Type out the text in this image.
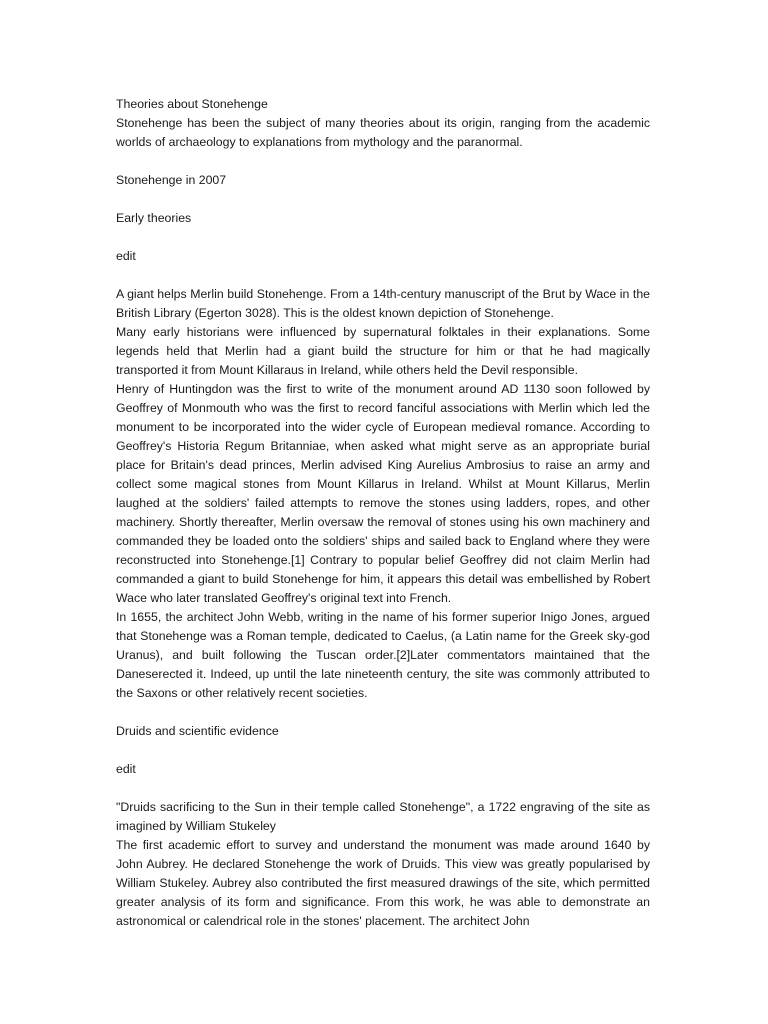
Theories about Stonehenge

Stonehenge has been the subject of many theories about its origin, ranging from the academic worlds of archaeology to explanations from mythology and the paranormal.

Stonehenge in 2007

Early theories

edit

A giant helps Merlin build Stonehenge. From a 14th-century manuscript of the Brut by Wace in the British Library (Egerton 3028). This is the oldest known depiction of Stonehenge.

Many early historians were influenced by supernatural folktales in their explanations. Some legends held that Merlin had a giant build the structure for him or that he had magically transported it from Mount Killaraus in Ireland, while others held the Devil responsible.

Henry of Huntingdon was the first to write of the monument around AD 1130 soon followed by Geoffrey of Monmouth who was the first to record fanciful associations with Merlin which led the monument to be incorporated into the wider cycle of European medieval romance. According to Geoffrey's Historia Regum Britanniae, when asked what might serve as an appropriate burial place for Britain's dead princes, Merlin advised King Aurelius Ambrosius to raise an army and collect some magical stones from Mount Killarus in Ireland. Whilst at Mount Killarus, Merlin laughed at the soldiers' failed attempts to remove the stones using ladders, ropes, and other machinery. Shortly thereafter, Merlin oversaw the removal of stones using his own machinery and commanded they be loaded onto the soldiers' ships and sailed back to England where they were reconstructed into Stonehenge.[1] Contrary to popular belief Geoffrey did not claim Merlin had commanded a giant to build Stonehenge for him, it appears this detail was embellished by Robert Wace who later translated Geoffrey's original text into French.

In 1655, the architect John Webb, writing in the name of his former superior Inigo Jones, argued that Stonehenge was a Roman temple, dedicated to Caelus, (a Latin name for the Greek sky-god Uranus), and built following the Tuscan order.[2]Later commentators maintained that the Daneserected it. Indeed, up until the late nineteenth century, the site was commonly attributed to the Saxons or other relatively recent societies.

Druids and scientific evidence

edit

"Druids sacrificing to the Sun in their temple called Stonehenge", a 1722 engraving of the site as imagined by William Stukeley

The first academic effort to survey and understand the monument was made around 1640 by John Aubrey. He declared Stonehenge the work of Druids. This view was greatly popularised by William Stukeley. Aubrey also contributed the first measured drawings of the site, which permitted greater analysis of its form and significance. From this work, he was able to demonstrate an astronomical or calendrical role in the stones' placement. The architect John
